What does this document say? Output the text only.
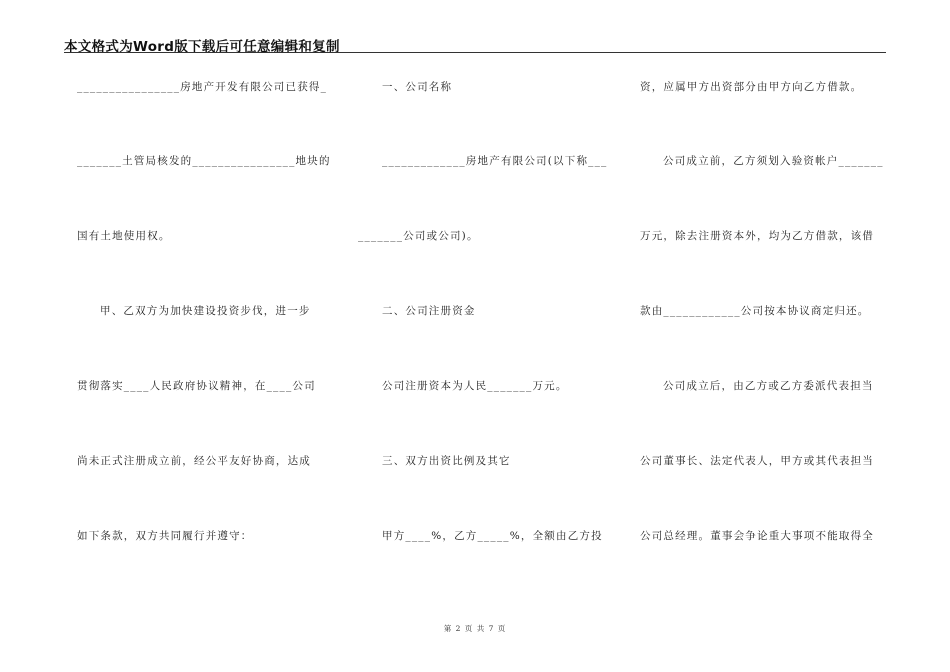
本文格式为Word版下载后可任意编辑和复制
________________房地产开发有限公司已获得_
_______土管局核发的________________地块的
国有土地使用权。
甲、乙双方为加快建设投资步伐，进一步
贯彻落实____人民政府协议精神，在____公司
尚未正式注册成立前，经公平友好协商，达成
如下条款，双方共同履行并遵守：
一、公司名称
_____________房地产有限公司(以下称___
_______公司或公司)。
二、公司注册资金
公司注册资本为人民_______万元。
三、双方出资比例及其它
甲方____%，乙方_____%，全额由乙方投
资，应属甲方出资部分由甲方向乙方借款。
公司成立前，乙方须划入验资帐户_______
万元，除去注册资本外，均为乙方借款，该借
款由____________公司按本协议商定归还。
公司成立后，由乙方或乙方委派代表担当
公司董事长、法定代表人，甲方或其代表担当
公司总经理。董事会争论重大事项不能取得全
第 2 页 共 7 页
